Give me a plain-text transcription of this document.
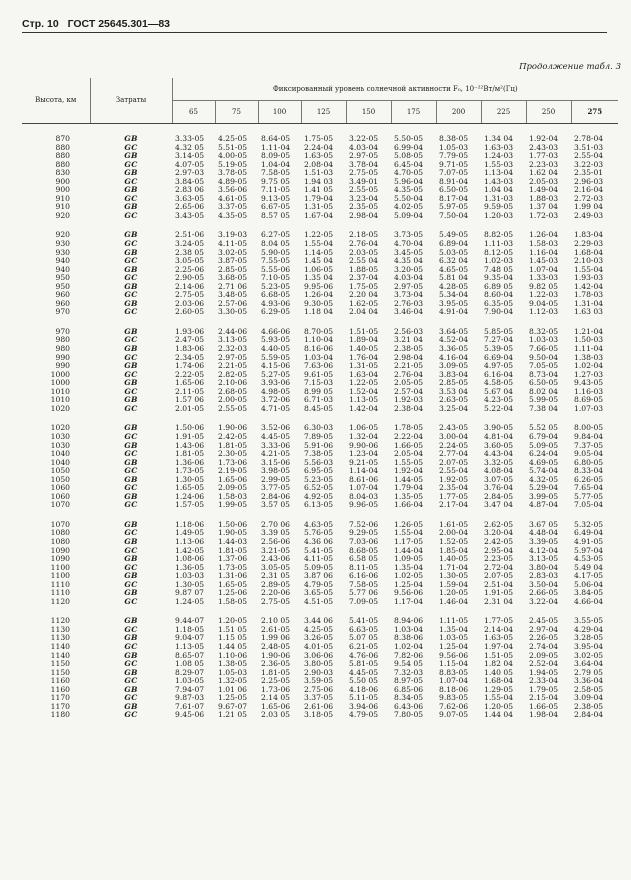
Стр. 10 ГОСТ 25645.301—83
Продолжение табл. 3
Высота, км	Затраты	Фиксированный уровень солнечной активности F₀, 10⁻²²Вт/м²(Гц)									
		65	75	100	125	150	175	200	225	250	275
870	GB	3.33-05	4.25-05	8.64-05	1.75-05	3.22-05	5.50-05	8.38-05	1.34 04	1.92-04	2.78-04
880	GC	4.32 05	5.51-05	1.11-04	2.24-04	4.03-04	6.99-04	1.05-03	1.63-03	2.43-03	3.51-03
880	GB	3.14-05	4.00-05	8.09-05	1.63-05	2.97-05	5.08-05	7.79-05	1.24-03	1.77-03	2.55-04
880	GC	4.07-05	5.19-05	1.04-04	2.08-04	3.78-04	6.45-04	9.71-05	1.55-03	2.23-03	3.22-03
830	GB	2.97-03	3.78-05	7.58-05	1.51-03	2.75-05	4.70-05	7.07-05	1.13-04	1.62 04	2.35-01
900	GC	3.84-05	4.89-05	9.75 05	1.94 03	3.49-01	5.96-04	8.91-04	1.43-03	2.05-03	2.96-03
900	GB	2.83 06	3.56-06	7.11-05	1.41 05	2.55-05	4.35-05	6.50-05	1.04 04	1.49-04	2.16-04
910	GC	3.63-05	4.61-05	9.13-05	1.79-04	3.23-04	5.50-04	8.17-04	1.31-03	1.88-03	2.72-03
910	GB	2.65-06	3.37-05	6.67-05	1.31-05	2.35-05	4.02-05	5.97-05	9.59-05	1.37 04	1.99 04
920	GC	3.43-05	4.35-05	8.57 05	1.67-04	2.98-04	5.09-04	7.50-04	1.20-03	1.72-03	2.49-03
920	GB	2.51-06	3.19-03	6.27-05	1.22-05	2.18-05	3.73-05	5.49-05	8.82-05	1.26-04	1.83-04
930	GC	3.24-05	4.11-05	8.04 05	1.55-04	2.76-04	4.70-04	6.89-04	1.11-03	1.58-03	2.29-03
930	GB	2.38 05	3.02-05	5.90-05	1.14-05	2.03-05	3.45-05	5.03-05	8.12-05	1.16-04	1.68-04
940	GC	3.05-05	3.87-05	7.55-05	1.45 04	2.55 04	4.35 04	6.32 04	1.02-03	1.45-03	2.10-03
940	GB	2.25-06	2.85-05	5.55-06	1.06-05	1.88-05	3.20-05	4.65-05	7.48 05	1.07-04	1.55-04
950	GC	2.90-05	3.68-05	7.10-05	1.35 04	2.37-04	4.03-04	5.81 04	9.35-04	1.33-03	1.93-03
950	GB	2.14-06	2.71 06	5.23-05	9.95-06	1.75-05	2.97-05	4.28-05	6.89 05	9.82 05	1.42-04
960	GC	2.75-05	3.48-05	6.68-05	1.26-04	2.20 04	3.73-04	5.34-04	8.60-04	1.22-03	1.78-03
960	GB	2.03-06	2.57-06	4.93-06	9.30-05	1.62-05	2.76-03	3.95-05	6.35-05	9.04-05	1.31-04
970	GC	2.60-05	3.30-05	6.29-05	1.18 04	2.04 04	3.46-04	4.91-04	7.90-04	1.12-03	1.63 03
970	GB	1.93-06	2.44-06	4.66-06	8.70-05	1.51-05	2.56-03	3.64-05	5.85-05	8.32-05	1.21-04
980	GC	2.47-05	3.13-05	5.93-05	1.10-04	1.89-04	3.21 04	4.52-04	7.27-04	1.03-03	1.50-03
980	GB	1.83-06	2.32-03	4.40-05	8.16-06	1.40-05	2.38-05	3.36-05	5.39-05	7.66-05	1.11-04
990	GC	2.34-05	2.97-05	5.59-05	1.03-04	1.76-04	2.98-04	4.16-04	6.69-04	9.50-04	1.38-03
990	GB	1.74-06	2.21-05	4.15-06	7.63-06	1.31-05	2.21-05	3.09-05	4.97-05	7.05-05	1.02-04
1000	GC	2.22-05	2.82-05	5.27-05	9.61-05	1.63-04	2.76-04	3.83-04	6.16-04	8.73-04	1.27-03
1000	GB	1.65-06	2.10-06	3.93-06	7.15-03	1.22-05	2.05-05	2.85-05	4.58-05	6.50-05	9.43-05
1010	GC	2.11-05	2.68-05	4.98-05	8.99 05	1.52-04	2.57-04	3.53 04	5.67 04	8.02 04	1.16-03
1010	GB	1.57 06	2.00-05	3.72-06	6.71-03	1.13-05	1.92-03	2.63-05	4.23-05	5.99-05	8.69-05
1020	GC	2.01-05	2.55-05	4.71-05	8.45-05	1.42-04	2.38-04	3.25-04	5.22-04	7.38 04	1.07-03
1020	GB	1.50-06	1.90-06	3.52-06	6.30-03	1.06-05	1.78-05	2.43-05	3.90-05	5.52 05	8.00-05
1030	GC	1.91-05	2.42-05	4.45-05	7.89-05	1.32-04	2.22-04	3.00-04	4.81-04	6.79-04	9.84-04
1030	GB	1.43-06	1.81-05	3.33-06	5.91-06	9.90-06	1.66-05	2.24-05	3.60-05	5.09-05	7.37-05
1040	GC	1.81-05	2.30-05	4.21-05	7.38-05	1.23-04	2.05-04	2.77-04	4.43-04	6.24-04	9.05-04
1040	GB	1.36-06	1.73-06	3.15-06	5.56-03	9.21-05	1.55-05	2.07-05	3.32-05	4.69-05	6.80-05
1050	GC	1.73-05	2.19-05	3.98-05	6.95-05	1.14-04	1.92-04	2.55-04	4.08-04	5.74-04	8.33-04
1050	GB	1.30-05	1.65-06	2.99-05	5.23-05	8.61-06	1.44-05	1.92-05	3.07-05	4.32-05	6.26-05
1060	GC	1.65-05	2.09-05	3.77-05	6.52-05	1.07-04	1.79-04	2.35-04	3.76-04	5.29-04	7.65-04
1060	GB	1.24-06	1.58-03	2.84-06	4.92-05	8.04-03	1.35-05	1.77-05	2.84-05	3.99-05	5.77-05
1070	GC	1.57-05	1.99-05	3.57 05	6.13-05	9.96-05	1.66-04	2.17-04	3.47 04	4.87-04	7.05-04
1070	GB	1.18-06	1.50-06	2.70 06	4.63-05	7.52-06	1.26-05	1.61-05	2.62-05	3.67 05	5.32-05
1080	GC	1.49-05	1.90-05	3.39 05	5.76-05	9.29-05	1.55-04	2.00-04	3.20-04	4.48-04	6.49-04
1080	GB	1.13-06	1.44-03	2.56-06	4.36 06	7.03-06	1.17-05	1.52-05	2.42-05	3.39-05	4.91-05
1090	GC	1.42-05	1.81-05	3.21-05	5.41-05	8.68-05	1.44-04	1.85-04	2.95-04	4.12-04	5.97-04
1090	GB	1.08-06	1.37-06	2.43-06	4.11-05	6.58 05	1.09-05	1.40-05	2.23-05	3.13-05	4.53-05
1100	GC	1.36-05	1.73-05	3.05-05	5.09-05	8.11-05	1.35-04	1.71-04	2.72-04	3.80-04	5.49 04
1100	GB	1.03-03	1.31-06	2.31 05	3.87 06	6.16-06	1.02-05	1.30-05	2.07-05	2.83-03	4.17-05
1110	GC	1.30-05	1.65-05	2.89-05	4.79-05	7.58-05	1.25-04	1.59-04	2.51-04	3.50-04	5.06-04
1110	GB	9.87 07	1.25-06	2.20-06	3.65-05	5.77 06	9.56-06	1.20-05	1.91-05	2.66-05	3.84-05
1120	GC	1.24-05	1.58-05	2.75-05	4.51-05	7.09-05	1.17-04	1.46-04	2.31 04	3.22-04	4.66-04
1120	GB	9.44-07	1.20-05	2.10 05	3.44 06	5.41-05	8.94-06	1.11-05	1.77-05	2.45-05	3.55-05
1130	GC	1.18-05	1.51 05	2.61-05	4.25-05	6.63-05	1.03-04	1.35-04	2.14-04	2.97-04	4.29-04
1130	GB	9.04-07	1.15 05	1.99 06	3.26-05	5.07 05	8.38-06	1.03-05	1.63-05	2.26-05	3.28-05
1140	GC	1.13-05	1.44 05	2.48-05	4.01-05	6.21-05	1.02-04	1.25-04	1.97-04	2.74-04	3.95-04
1140	GB	8.65-07	1.10-06	1.90-06	3.06-06	4.76-06	7.82-06	9.56-06	1.51-05	2.09-05	3.02-05
1150	GC	1.08 05	1.38-05	2.36-05	3.80-05	5.81-05	9.54 05	1.15-04	1.82 04	2.52-04	3.64-04
1150	GB	8.29-07	1.05-03	1.81-05	2.90-03	4.45-05	7.32-03	8.83-05	1.40 05	1.94-05	2.79 05
1160	GC	1.03-05	1.32-05	2.25-05	3.59-05	5.50 05	8.97-05	1.07-04	1.68-04	2.33-04	3.36-04
1160	GB	7.94-07	1.01 06	1.73-06	2.75-06	4.18-06	6.85-06	8.18-06	1.29-05	1.79-05	2.58-05
1170	GC	9.87-03	1.25-05	2.14 05	3.37-05	5.11-05	8.34-05	9.83-05	1.55-04	2.15-04	3.09-04
1170	GB	7.61-07	9.67-07	1.65-06	2.61-06	3.94-06	6.43-06	7.62-06	1.20-05	1.66-05	2.38-05
1180	GC	9.45-06	1.21 05	2.03 05	3.18-05	4.79-05	7.80-05	9.07-05	1.44 04	1.98-04	2.84-04
